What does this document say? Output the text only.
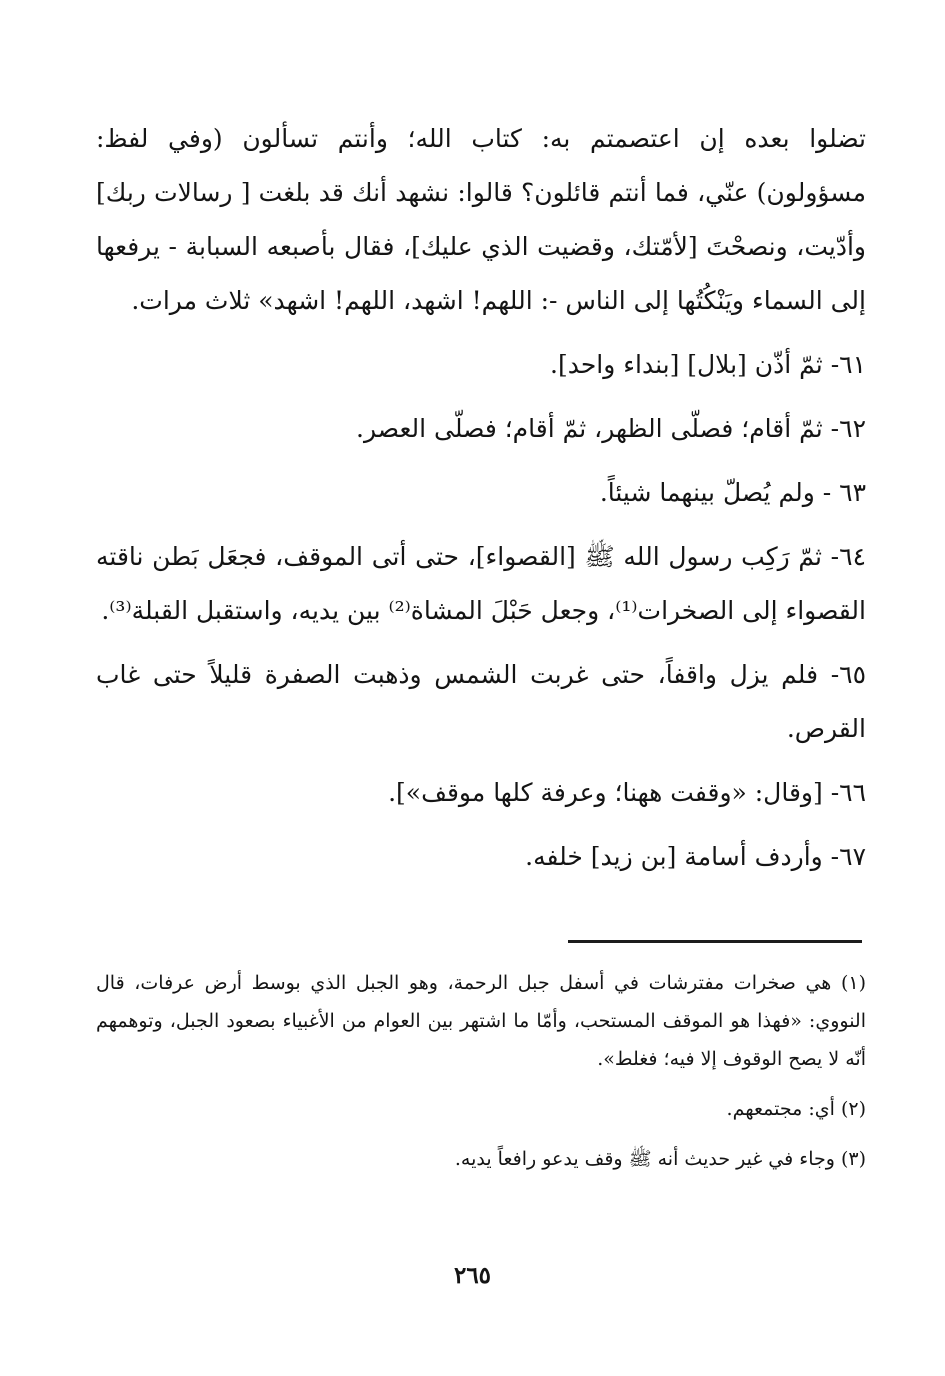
تضلوا بعده إن اعتصمتم به: كتاب الله؛ وأنتم تسألون (وفي لفظ: مسؤولون) عنّي، فما أنتم قائلون؟ قالوا: نشهد أنك قد بلغت [ رسالات ربك] وأدّيت، ونصحْتَ [لأمّتك، وقضيت الذي عليك]، فقال بأصبعه السبابة - يرفعها إلى السماء ويَنْكُتُها إلى الناس -: اللهم! اشهد، اللهم! اشهد» ثلاث مرات.

٦١- ثمّ أذّن [بلال] [بنداء واحد].

٦٢- ثمّ أقام؛ فصلّى الظهر، ثمّ أقام؛ فصلّى العصر.

٦٣ - ولم يُصلّ بينهما شيئاً.

٦٤- ثمّ رَكِب رسول الله ﷺ [القصواء]، حتى أتى الموقف، فجعَل بَطن ناقته القصواء إلى الصخرات⁽¹⁾، وجعل حَبْلَ المشاة⁽²⁾ بين يديه، واستقبل القبلة⁽³⁾.

٦٥- فلم يزل واقفاً، حتى غربت الشمس وذهبت الصفرة قليلاً حتى غاب القرص.

٦٦- [وقال: «وقفت ههنا؛ وعرفة كلها موقف»].

٦٧- وأردف أسامة [بن زيد] خلفه.

(١) هي صخرات مفترشات في أسفل جبل الرحمة، وهو الجبل الذي بوسط أرض عرفات، قال النووي: «فهذا هو الموقف المستحب، وأمّا ما اشتهر بين العوام من الأغبياء بصعود الجبل، وتوهمهم أنّه لا يصح الوقوف إلا فيه؛ فغلط».

(٢) أي: مجتمعهم.

(٣) وجاء في غير حديث أنه ﷺ وقف يدعو رافعاً يديه.

٢٦٥
